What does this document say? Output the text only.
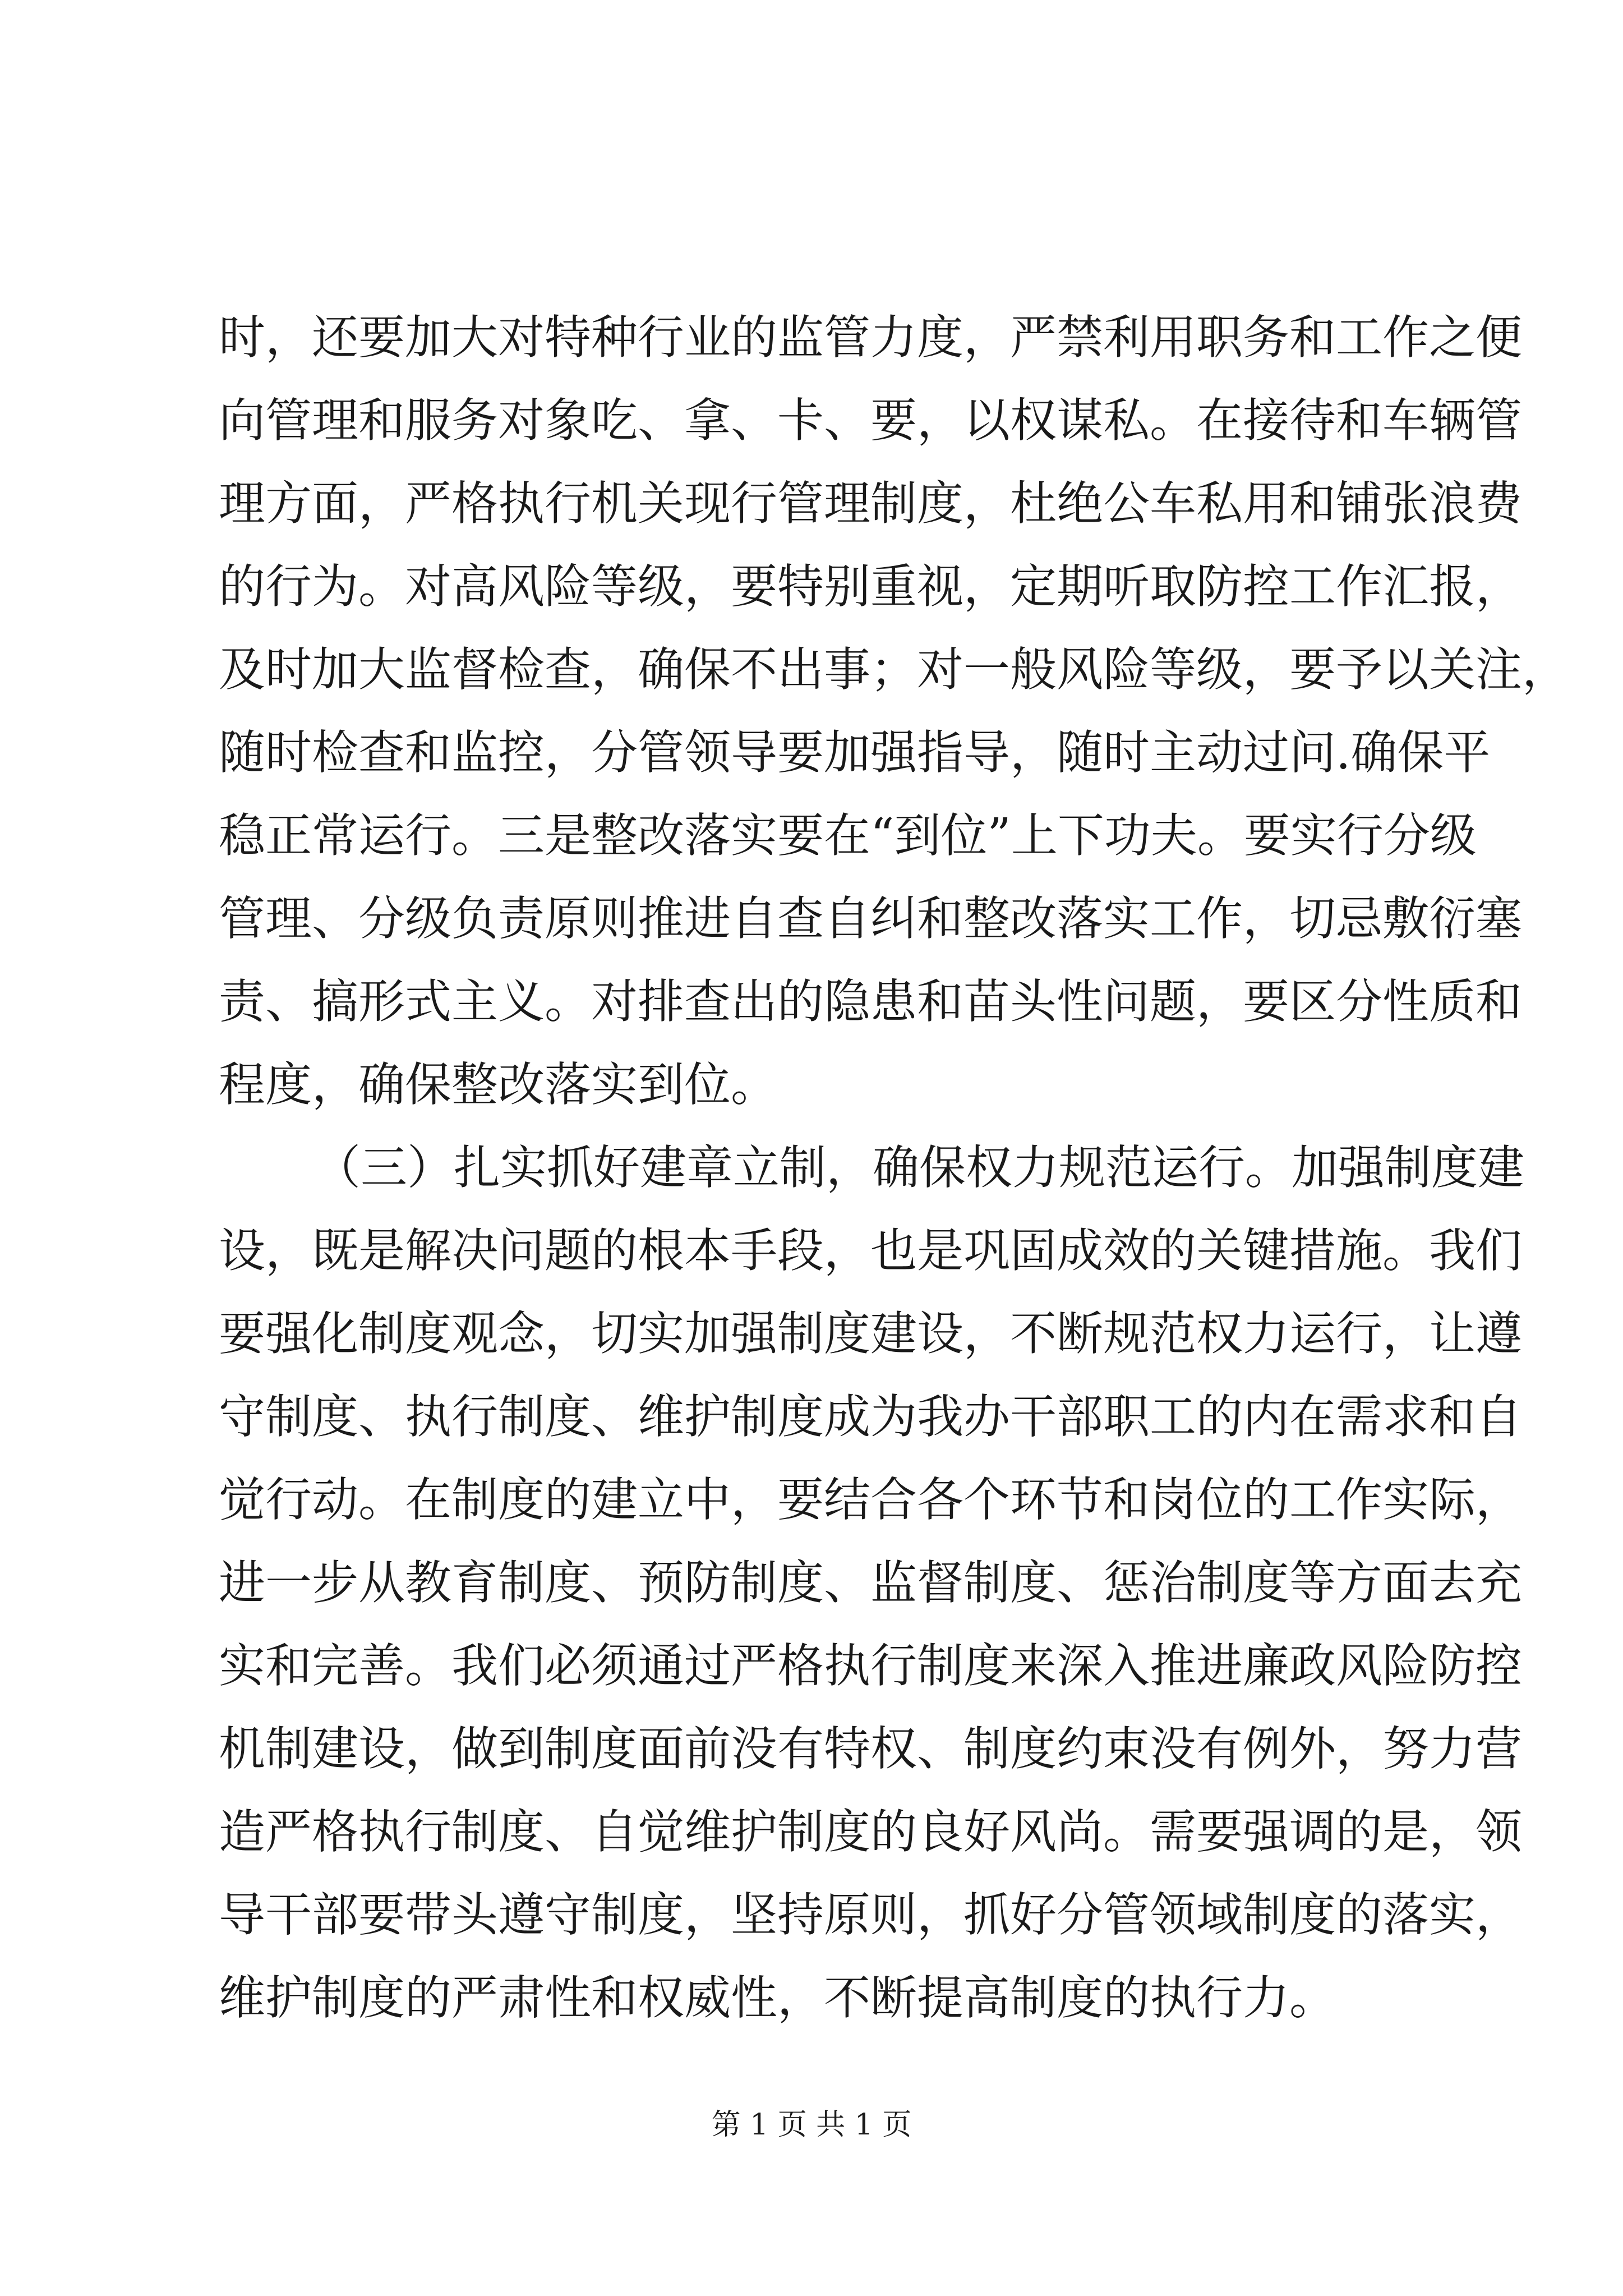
时，还要加大对特种行业的监管力度，严禁利用职务和工作之便
向管理和服务对象吃、拿、卡、要，以权谋私。在接待和车辆管
理方面，严格执行机关现行管理制度，杜绝公车私用和铺张浪费
的行为。对高风险等级，要特别重视，定期听取防控工作汇报，
及时加大监督检查，确保不出事；对一般风险等级，要予以关注，
随时检查和监控，分管领导要加强指导，随时主动过问.确保平
稳正常运行。三是整改落实要在“到位”上下功夫。要实行分级
管理、分级负责原则推进自查自纠和整改落实工作，切忌敷衍塞
责、搞形式主义。对排查出的隐患和苗头性问题，要区分性质和
程度，确保整改落实到位。
（三）扎实抓好建章立制，确保权力规范运行。加强制度建
设，既是解决问题的根本手段，也是巩固成效的关键措施。我们
要强化制度观念，切实加强制度建设，不断规范权力运行，让遵
守制度、执行制度、维护制度成为我办干部职工的内在需求和自
觉行动。在制度的建立中，要结合各个环节和岗位的工作实际，
进一步从教育制度、预防制度、监督制度、惩治制度等方面去充
实和完善。我们必须通过严格执行制度来深入推进廉政风险防控
机制建设，做到制度面前没有特权、制度约束没有例外，努力营
造严格执行制度、自觉维护制度的良好风尚。需要强调的是，领
导干部要带头遵守制度，坚持原则，抓好分管领域制度的落实，
维护制度的严肃性和权威性，不断提高制度的执行力。
第 1 页 共 1 页
